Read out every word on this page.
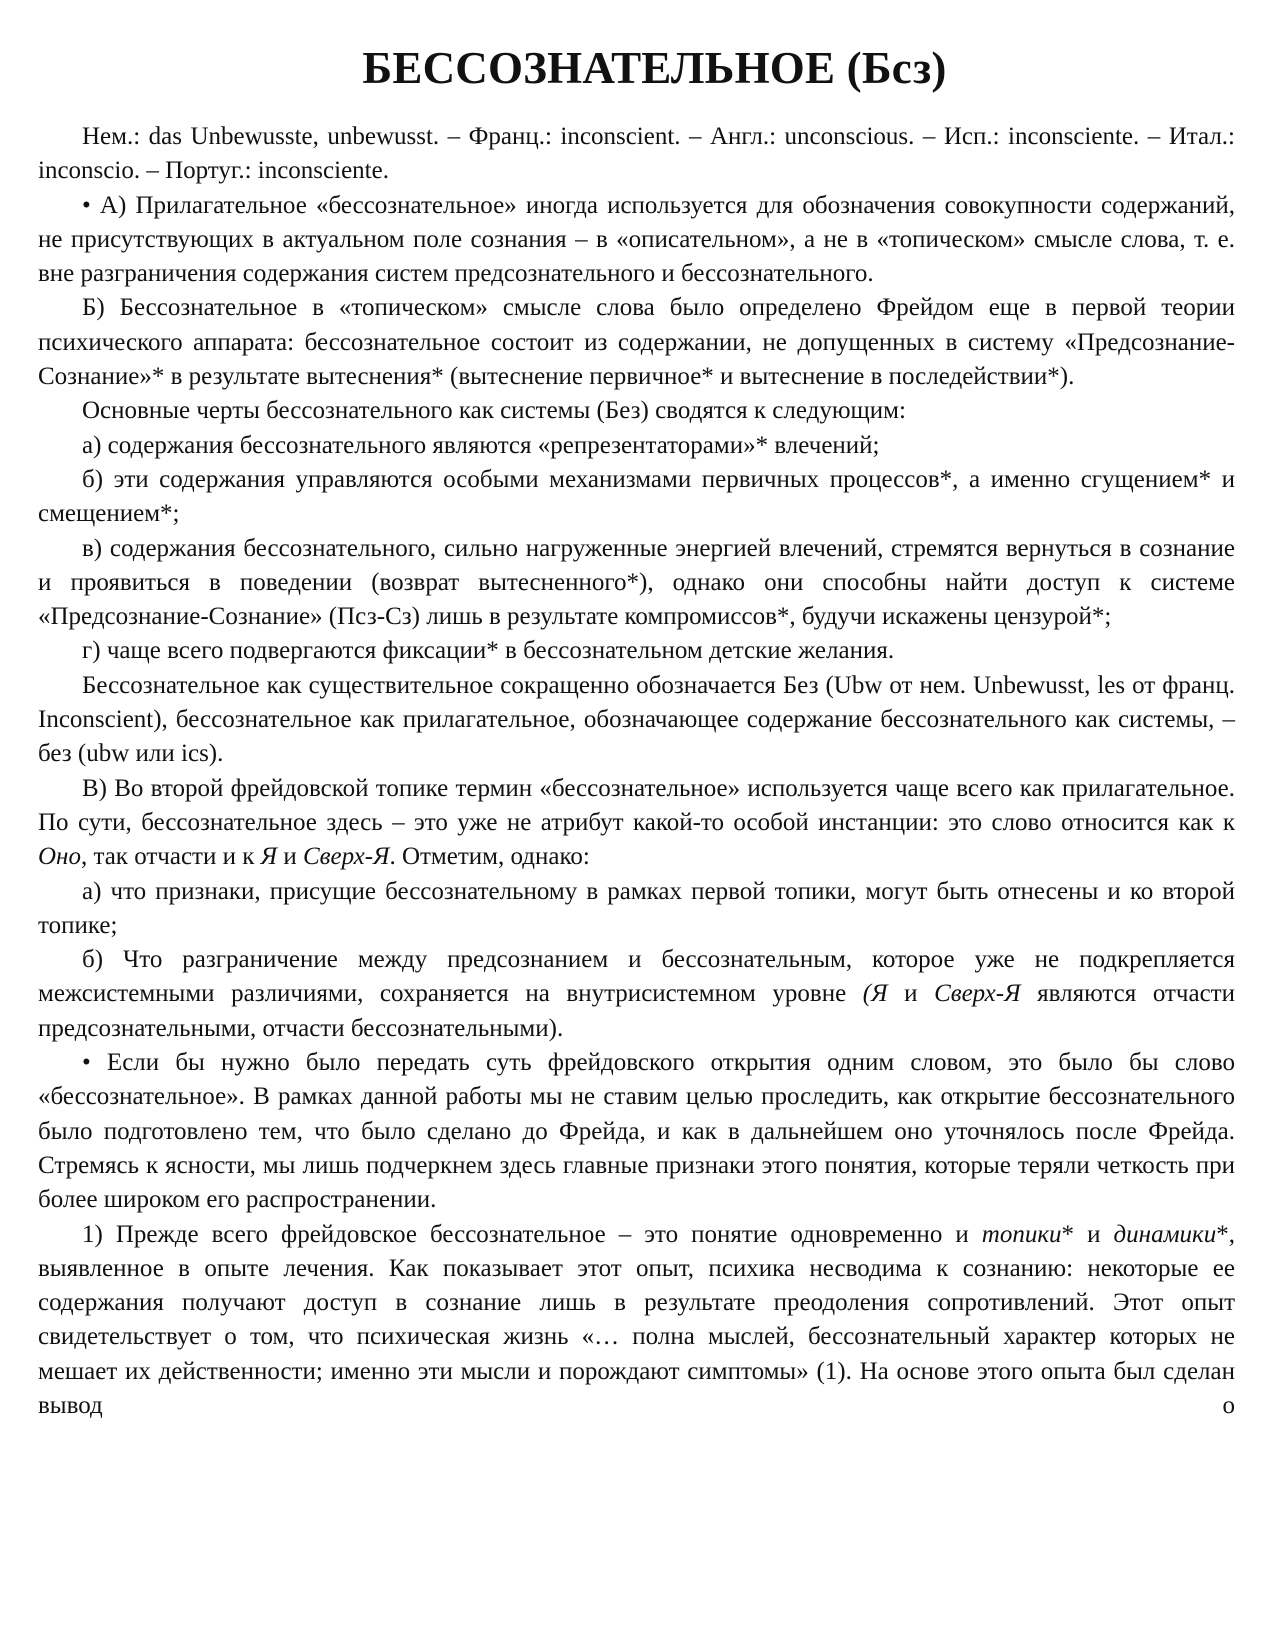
БЕССОЗНАТЕЛЬНОЕ (Бсз)

Нем.: das Unbewusste, unbewusst. – Франц.: inconscient. – Англ.: unconscious. – Исп.: inconsciente. – Итал.: inconscio. – Португ.: inconsciente.

• А) Прилагательное «бессознательное» иногда используется для обозначения совокупности содержаний, не присутствующих в актуальном поле сознания – в «описательном», а не в «топическом» смысле слова, т. е. вне разграничения содержания систем предсознательного и бессознательного.

Б) Бессознательное в «топическом» смысле слова было определено Фрейдом еще в первой теории психического аппарата: бессознательное состоит из содержании, не допущенных в систему «Предсознание-Сознание»* в результате вытеснения* (вытеснение первичное* и вытеснение в последействии*).

Основные черты бессознательного как системы (Без) сводятся к следующим:

а) содержания бессознательного являются «репрезентаторами»* влечений;

б) эти содержания управляются особыми механизмами первичных процессов*, а именно сгущением* и смещением*;

в) содержания бессознательного, сильно нагруженные энергией влечений, стремятся вернуться в сознание и проявиться в поведении (возврат вытесненного*), однако они способны найти доступ к системе «Предсознание-Сознание» (Псз-Сз) лишь в результате компромиссов*, будучи искажены цензурой*;

г) чаще всего подвергаются фиксации* в бессознательном детские желания.

Бессознательное как существительное сокращенно обозначается Без (Ubw от нем. Unbewusst, les от франц. Inconscient), бессознательное как прилагательное, обозначающее содержание бессознательного как системы, – без (ubw или ics).

В) Во второй фрейдовской топике термин «бессознательное» используется чаще всего как прилагательное. По сути, бессознательное здесь – это уже не атрибут какой-то особой инстанции: это слово относится как к Оно, так отчасти и к Я и Сверх-Я. Отметим, однако:

а) что признаки, присущие бессознательному в рамках первой топики, могут быть отнесены и ко второй топике;

б) Что разграничение между предсознанием и бессознательным, которое уже не подкрепляется межсистемными различиями, сохраняется на внутрисистемном уровне (Я и Сверх-Я являются отчасти предсознательными, отчасти бессознательными).

• Если бы нужно было передать суть фрейдовского открытия одним словом, это было бы слово «бессознательное». В рамках данной работы мы не ставим целью проследить, как открытие бессознательного было подготовлено тем, что было сделано до Фрейда, и как в дальнейшем оно уточнялось после Фрейда. Стремясь к ясности, мы лишь подчеркнем здесь главные признаки этого понятия, которые теряли четкость при более широком его распространении.

1) Прежде всего фрейдовское бессознательное – это понятие одновременно и топики* и динамики*, выявленное в опыте лечения. Как показывает этот опыт, психика несводима к сознанию: некоторые ее содержания получают доступ в сознание лишь в результате преодоления сопротивлений. Этот опыт свидетельствует о том, что психическая жизнь «… полна мыслей, бессознательный характер которых не мешает их действенности; именно эти мысли и порождают симптомы» (1). На основе этого опыта был сделан вывод о
